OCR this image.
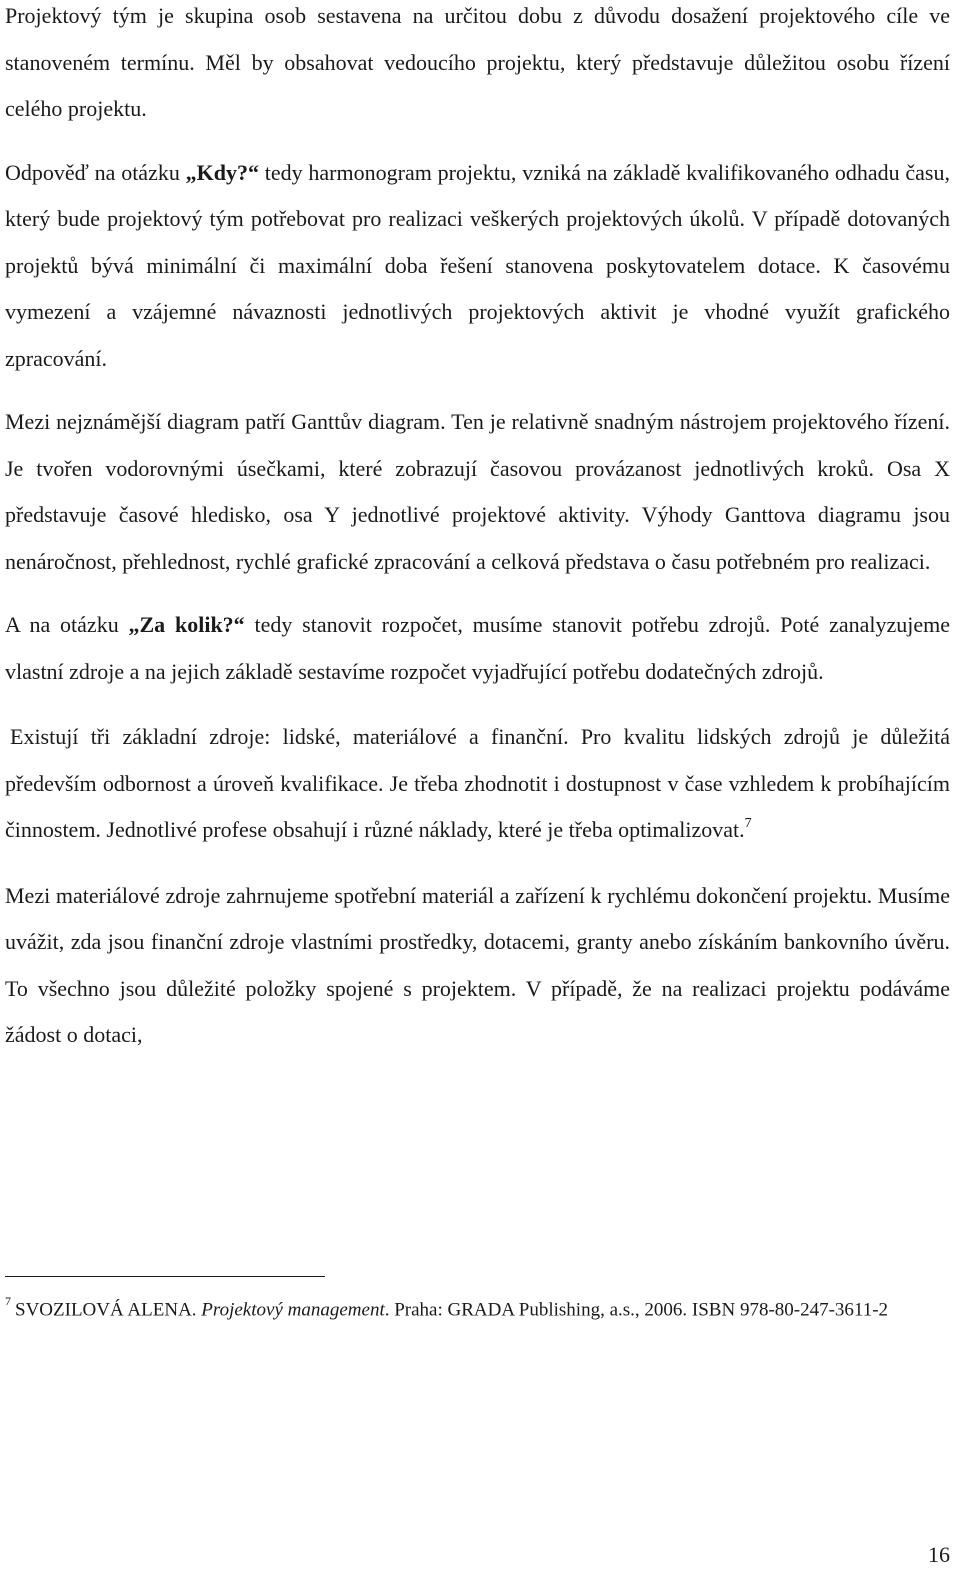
Projektový tým je skupina osob sestavena na určitou dobu z důvodu dosažení projektového cíle ve stanoveném termínu. Měl by obsahovat vedoucího projektu, který představuje důležitou osobu řízení celého projektu.

Odpověď na otázku „Kdy?“ tedy harmonogram projektu, vzniká na základě kvalifikovaného odhadu času, který bude projektový tým potřebovat pro realizaci veškerých projektových úkolů. V případě dotovaných projektů bývá minimální či maximální doba řešení stanovena poskytovatelem dotace. K časovému vymezení a vzájemné návaznosti jednotlivých projektových aktivit je vhodné využít grafického zpracování.

Mezi nejznámější diagram patří Ganttův diagram. Ten je relativně snadným nástrojem projektového řízení. Je tvořen vodorovnými úsečkami, které zobrazují časovou provázanost jednotlivých kroků. Osa X představuje časové hledisko, osa Y jednotlivé projektové aktivity. Výhody Ganttova diagramu jsou nenáročnost, přehlednost, rychlé grafické zpracování a celková představa o času potřebném pro realizaci.

A na otázku „Za kolik?“ tedy stanovit rozpočet, musíme stanovit potřebu zdrojů. Poté zanalyzujeme vlastní zdroje a na jejich základě sestavíme rozpočet vyjadřující potřebu dodatečných zdrojů.

Existují tři základní zdroje: lidské, materiálové a finanční. Pro kvalitu lidských zdrojů je důležitá především odbornost a úroveň kvalifikace. Je třeba zhodnotit i dostupnost v čase vzhledem k probíhajícím činnostem. Jednotlivé profese obsahují i různé náklady, které je třeba optimalizovat.$^7$

Mezi materiálové zdroje zahrnujeme spotřební materiál a zařízení k rychlému dokončení projektu. Musíme uvážit, zda jsou finanční zdroje vlastními prostředky, dotacemi, granty anebo získáním bankovního úvěru. To všechno jsou důležité položky spojené s projektem. V případě, že na realizaci projektu podáváme žádost o dotaci,

$^7$ SVOZILOVÁ ALENA. Projektový management. Praha: GRADA Publishing, a.s., 2006. ISBN 978-80-247-3611-2

16
